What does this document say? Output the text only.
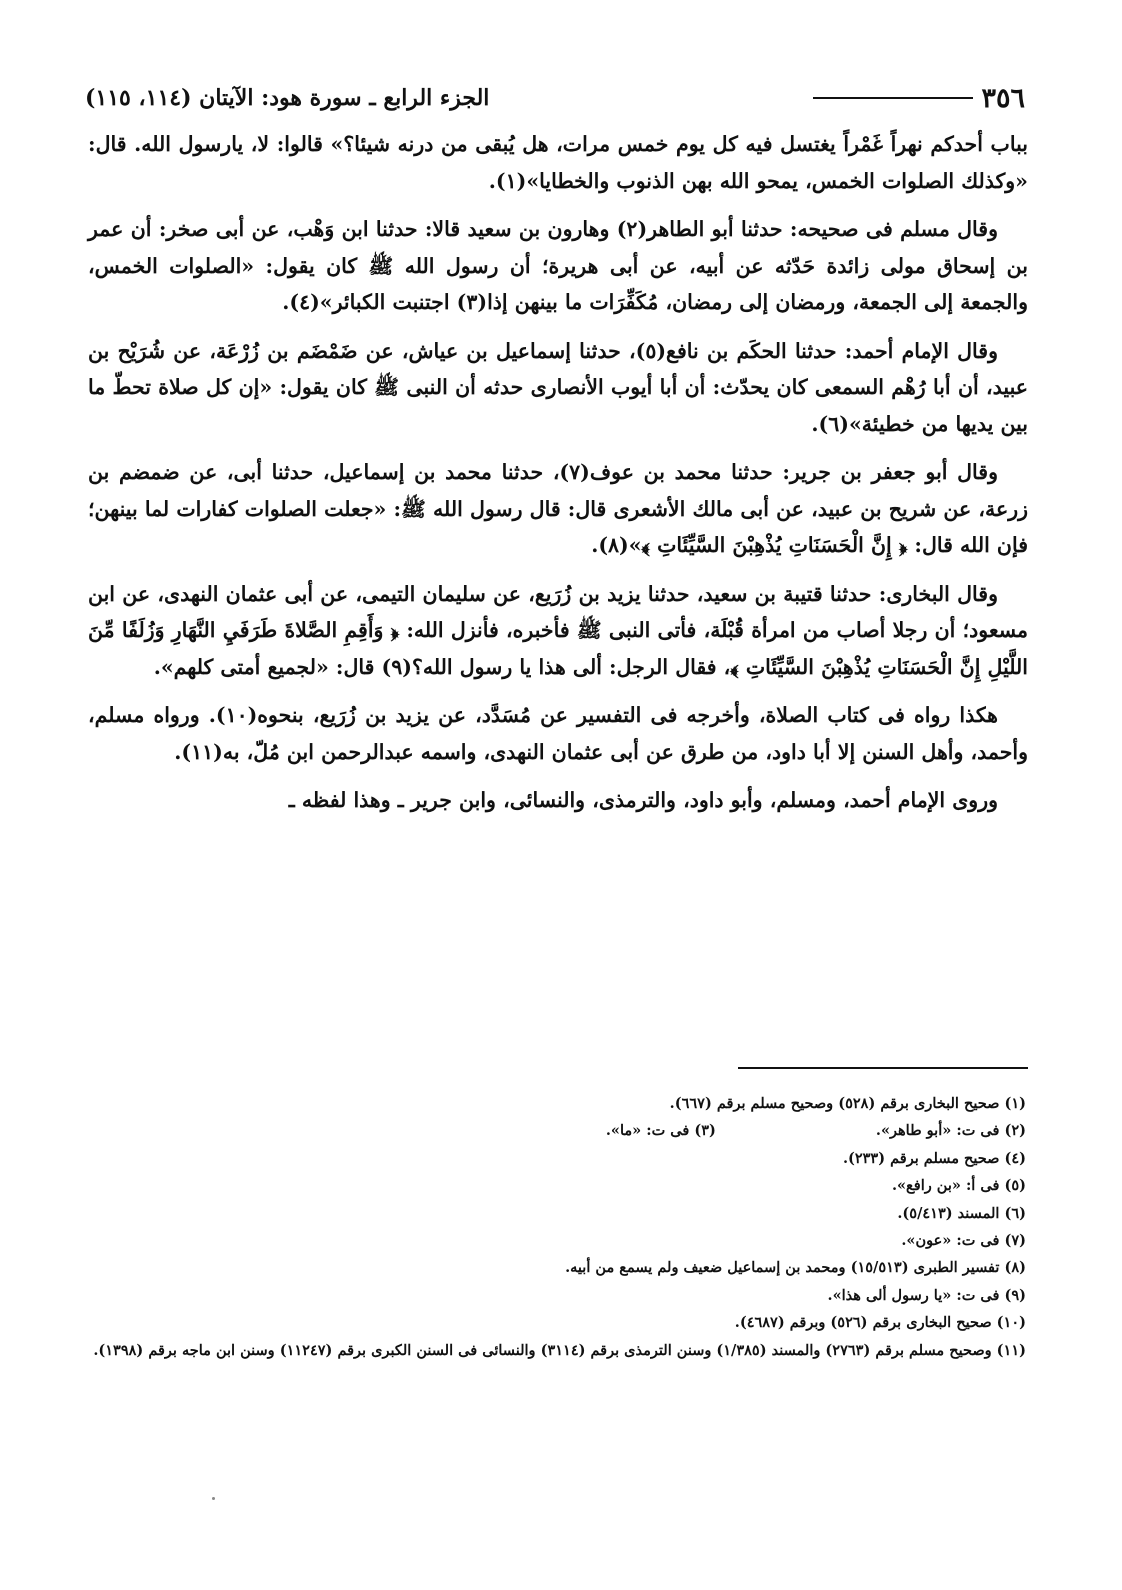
٣٥٦
الجزء الرابع ـ سورة هود: الآيتان (١١٤، ١١٥)

بباب أحدكم نهراً غَمْراً يغتسل فيه كل يوم خمس مرات، هل يُبقى من درنه شيئا؟» قالوا: لا، يارسول الله. قال: «وكذلك الصلوات الخمس، يمحو الله بهن الذنوب والخطايا»(١).

وقال مسلم فى صحيحه: حدثنا أبو الطاهر(٢) وهارون بن سعيد قالا: حدثنا ابن وَهْب، عن أبى صخر: أن عمر بن إسحاق مولى زائدة حَدّثه عن أبيه، عن أبى هريرة؛ أن رسول الله ﷺ كان يقول: «الصلوات الخمس، والجمعة إلى الجمعة، ورمضان إلى رمضان، مُكَفِّرَات ما بينهن إذا(٣) اجتنبت الكبائر»(٤).

وقال الإمام أحمد: حدثنا الحكَم بن نافع(٥)، حدثنا إسماعيل بن عياش، عن ضَمْضَم بن زُرْعَة، عن شُرَيْح بن عبيد، أن أبا رُهْم السمعى كان يحدّث: أن أبا أيوب الأنصارى حدثه أن النبى ﷺ كان يقول: «إن كل صلاة تحطّ ما بين يديها من خطيئة»(٦).

وقال أبو جعفر بن جرير: حدثنا محمد بن عوف(٧)، حدثنا محمد بن إسماعيل، حدثنا أبى، عن ضمضم بن زرعة، عن شريح بن عبيد، عن أبى مالك الأشعرى قال: قال رسول الله ﷺ: «جعلت الصلوات كفارات لما بينهن؛ فإن الله قال: ﴿ إِنَّ الْحَسَنَاتِ يُذْهِبْنَ السَّيِّئَاتِ ﴾»(٨).

وقال البخارى: حدثنا قتيبة بن سعيد، حدثنا يزيد بن زُرَيع، عن سليمان التيمى، عن أبى عثمان النهدى، عن ابن مسعود؛ أن رجلا أصاب من امرأة قُبْلَة، فأتى النبى ﷺ فأخبره، فأنزل الله: ﴿ وَأَقِمِ الصَّلاةَ طَرَفَيِ النَّهَارِ وَزُلَفًا مِّنَ اللَّيْلِ إِنَّ الْحَسَنَاتِ يُذْهِبْنَ السَّيِّئَاتِ ﴾، فقال الرجل: ألى هذا يا رسول الله؟(٩) قال: «لجميع أمتى كلهم».

هكذا رواه فى كتاب الصلاة، وأخرجه فى التفسير عن مُسَدَّد، عن يزيد بن زُرَيع، بنحوه(١٠). ورواه مسلم، وأحمد، وأهل السنن إلا أبا داود، من طرق عن أبى عثمان النهدى، واسمه عبدالرحمن ابن مُلّ، به(١١).

وروى الإمام أحمد، ومسلم، وأبو داود، والترمذى، والنسائى، وابن جرير ـ وهذا لفظه ـ

(١) صحيح البخارى برقم (٥٢٨) وصحيح مسلم برقم (٦٦٧).
(٢) فى ت: «أبو طاهر».
(٣) فى ت: «ما».
(٤) صحيح مسلم برقم (٢٣٣).
(٥) فى أ: «بن رافع».
(٦) المسند (٥/٤١٣).
(٧) فى ت: «عون».
(٨) تفسير الطبرى (١٥/٥١٣) ومحمد بن إسماعيل ضعيف ولم يسمع من أبيه.
(٩) فى ت: «يا رسول ألى هذا».
(١٠) صحيح البخارى برقم (٥٢٦) وبرقم (٤٦٨٧).
(١١) وصحيح مسلم برقم (٢٧٦٣) والمسند (١/٣٨٥) وسنن الترمذى برقم (٣١١٤) والنسائى فى السنن الكبرى برقم (١١٢٤٧) وسنن ابن ماجه برقم (١٣٩٨).
